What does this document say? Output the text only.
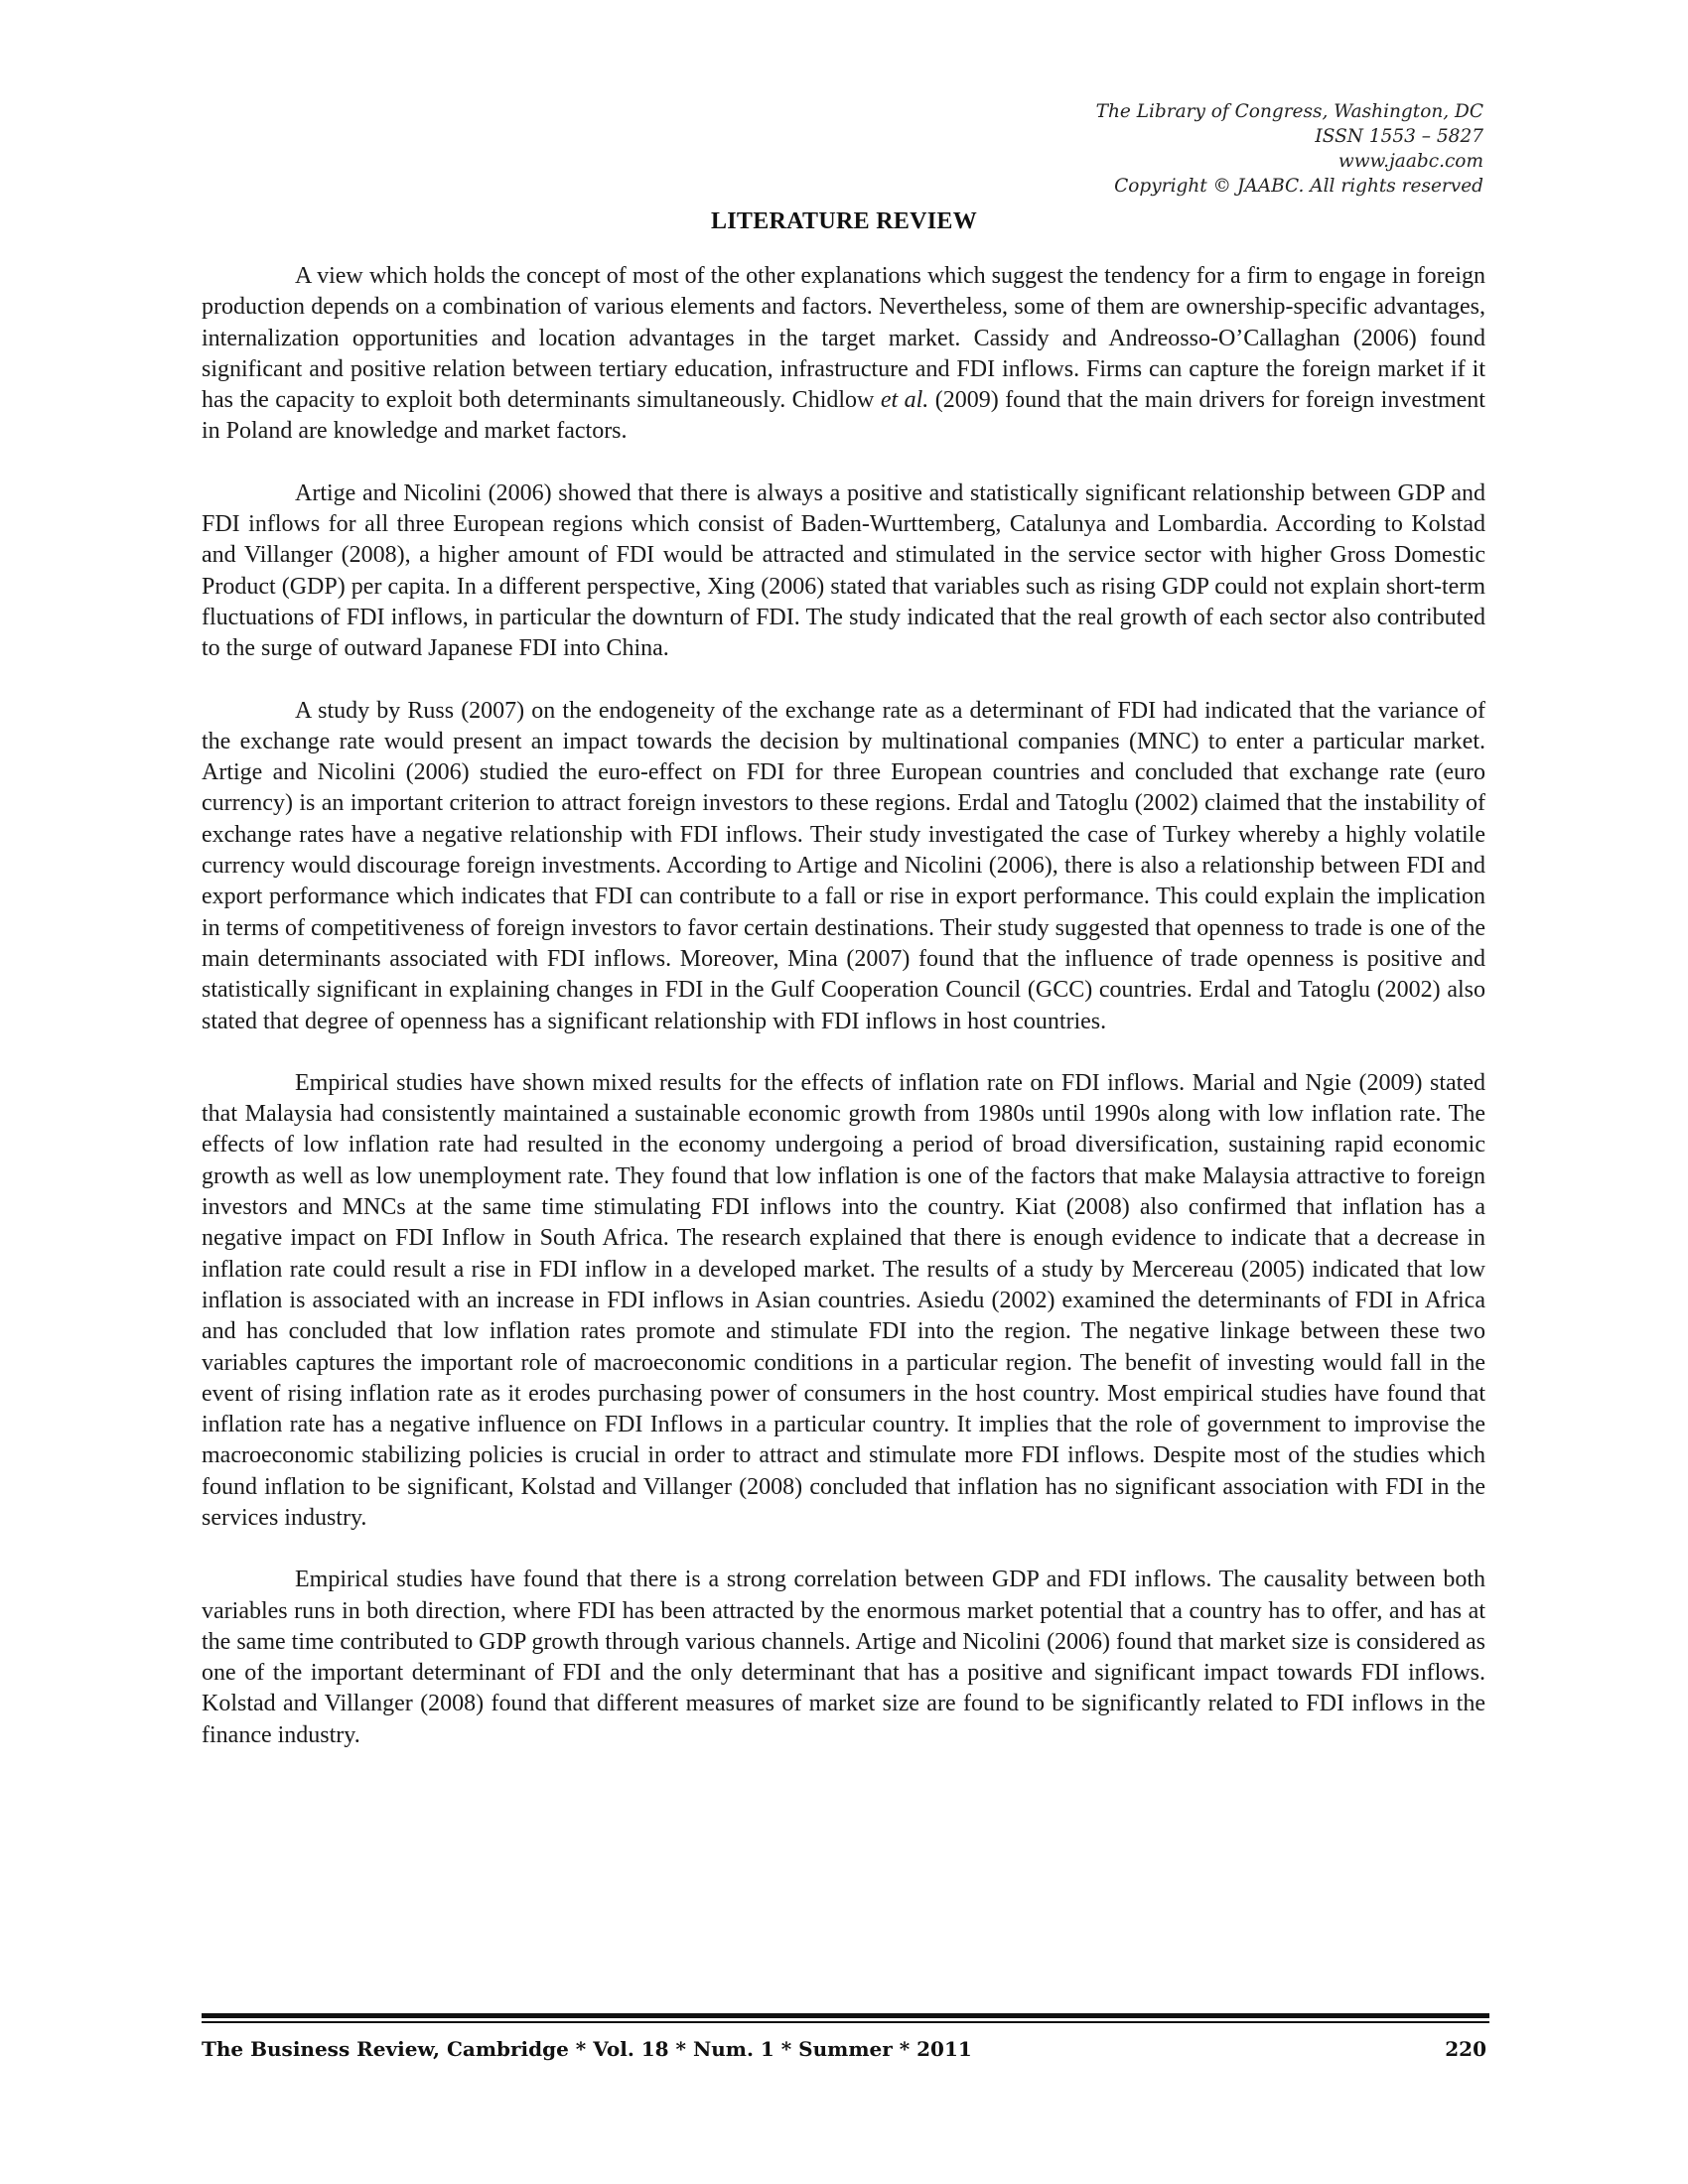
The Library of Congress, Washington, DC
ISSN 1553 – 5827
www.jaabc.com
Copyright © JAABC. All rights reserved
LITERATURE REVIEW

A view which holds the concept of most of the other explanations which suggest the tendency for a firm to engage in foreign production depends on a combination of various elements and factors. Nevertheless, some of them are ownership-specific advantages, internalization opportunities and location advantages in the target market. Cassidy and Andreosso-O’Callaghan (2006) found significant and positive relation between tertiary education, infrastructure and FDI inflows. Firms can capture the foreign market if it has the capacity to exploit both determinants simultaneously. Chidlow et al. (2009) found that the main drivers for foreign investment in Poland are knowledge and market factors.

Artige and Nicolini (2006) showed that there is always a positive and statistically significant relationship between GDP and FDI inflows for all three European regions which consist of Baden-Wurttemberg, Catalunya and Lombardia. According to Kolstad and Villanger (2008), a higher amount of FDI would be attracted and stimulated in the service sector with higher Gross Domestic Product (GDP) per capita. In a different perspective, Xing (2006) stated that variables such as rising GDP could not explain short-term fluctuations of FDI inflows, in particular the downturn of FDI. The study indicated that the real growth of each sector also contributed to the surge of outward Japanese FDI into China.

A study by Russ (2007) on the endogeneity of the exchange rate as a determinant of FDI had indicated that the variance of the exchange rate would present an impact towards the decision by multinational companies (MNC) to enter a particular market. Artige and Nicolini (2006) studied the euro-effect on FDI for three European countries and concluded that exchange rate (euro currency) is an important criterion to attract foreign investors to these regions. Erdal and Tatoglu (2002) claimed that the instability of exchange rates have a negative relationship with FDI inflows. Their study investigated the case of Turkey whereby a highly volatile currency would discourage foreign investments. According to Artige and Nicolini (2006), there is also a relationship between FDI and export performance which indicates that FDI can contribute to a fall or rise in export performance. This could explain the implication in terms of competitiveness of foreign investors to favor certain destinations. Their study suggested that openness to trade is one of the main determinants associated with FDI inflows. Moreover, Mina (2007) found that the influence of trade openness is positive and statistically significant in explaining changes in FDI in the Gulf Cooperation Council (GCC) countries. Erdal and Tatoglu (2002) also stated that degree of openness has a significant relationship with FDI inflows in host countries.

Empirical studies have shown mixed results for the effects of inflation rate on FDI inflows. Marial and Ngie (2009) stated that Malaysia had consistently maintained a sustainable economic growth from 1980s until 1990s along with low inflation rate. The effects of low inflation rate had resulted in the economy undergoing a period of broad diversification, sustaining rapid economic growth as well as low unemployment rate. They found that low inflation is one of the factors that make Malaysia attractive to foreign investors and MNCs at the same time stimulating FDI inflows into the country. Kiat (2008) also confirmed that inflation has a negative impact on FDI Inflow in South Africa. The research explained that there is enough evidence to indicate that a decrease in inflation rate could result a rise in FDI inflow in a developed market. The results of a study by Mercereau (2005) indicated that low inflation is associated with an increase in FDI inflows in Asian countries. Asiedu (2002) examined the determinants of FDI in Africa and has concluded that low inflation rates promote and stimulate FDI into the region. The negative linkage between these two variables captures the important role of macroeconomic conditions in a particular region. The benefit of investing would fall in the event of rising inflation rate as it erodes purchasing power of consumers in the host country. Most empirical studies have found that inflation rate has a negative influence on FDI Inflows in a particular country. It implies that the role of government to improvise the macroeconomic stabilizing policies is crucial in order to attract and stimulate more FDI inflows. Despite most of the studies which found inflation to be significant, Kolstad and Villanger (2008) concluded that inflation has no significant association with FDI in the services industry.

Empirical studies have found that there is a strong correlation between GDP and FDI inflows. The causality between both variables runs in both direction, where FDI has been attracted by the enormous market potential that a country has to offer, and has at the same time contributed to GDP growth through various channels. Artige and Nicolini (2006) found that market size is considered as one of the important determinant of FDI and the only determinant that has a positive and significant impact towards FDI inflows. Kolstad and Villanger (2008) found that different measures of market size are found to be significantly related to FDI inflows in the finance industry.

The Business Review, Cambridge * Vol. 18 * Num. 1 * Summer * 2011	220
